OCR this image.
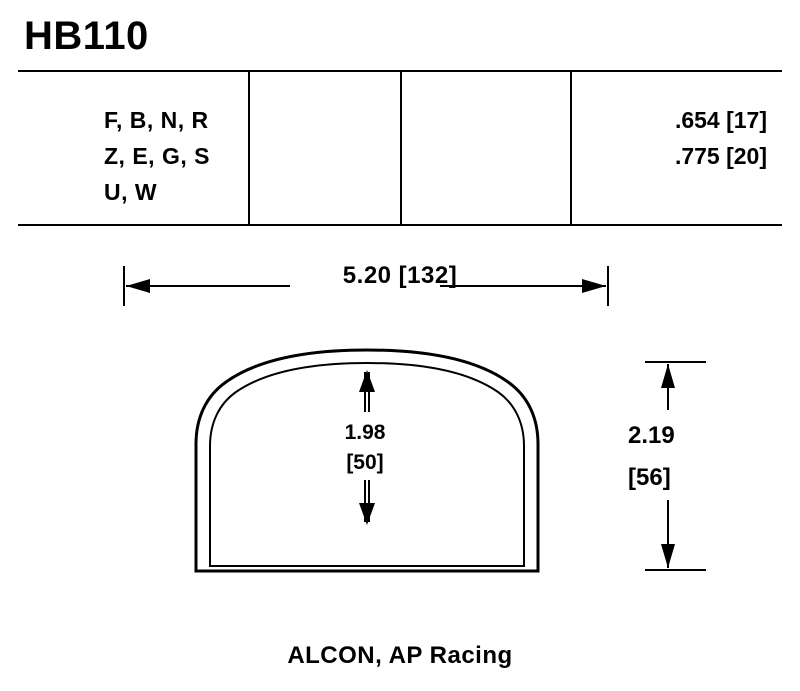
HB110
F, B, N, R
Z, E, G, S
U, W
.654 [17]
.775 [20]
5.20 [132]
2.19
[56]
1.98
[50]
ALCON, AP Racing
